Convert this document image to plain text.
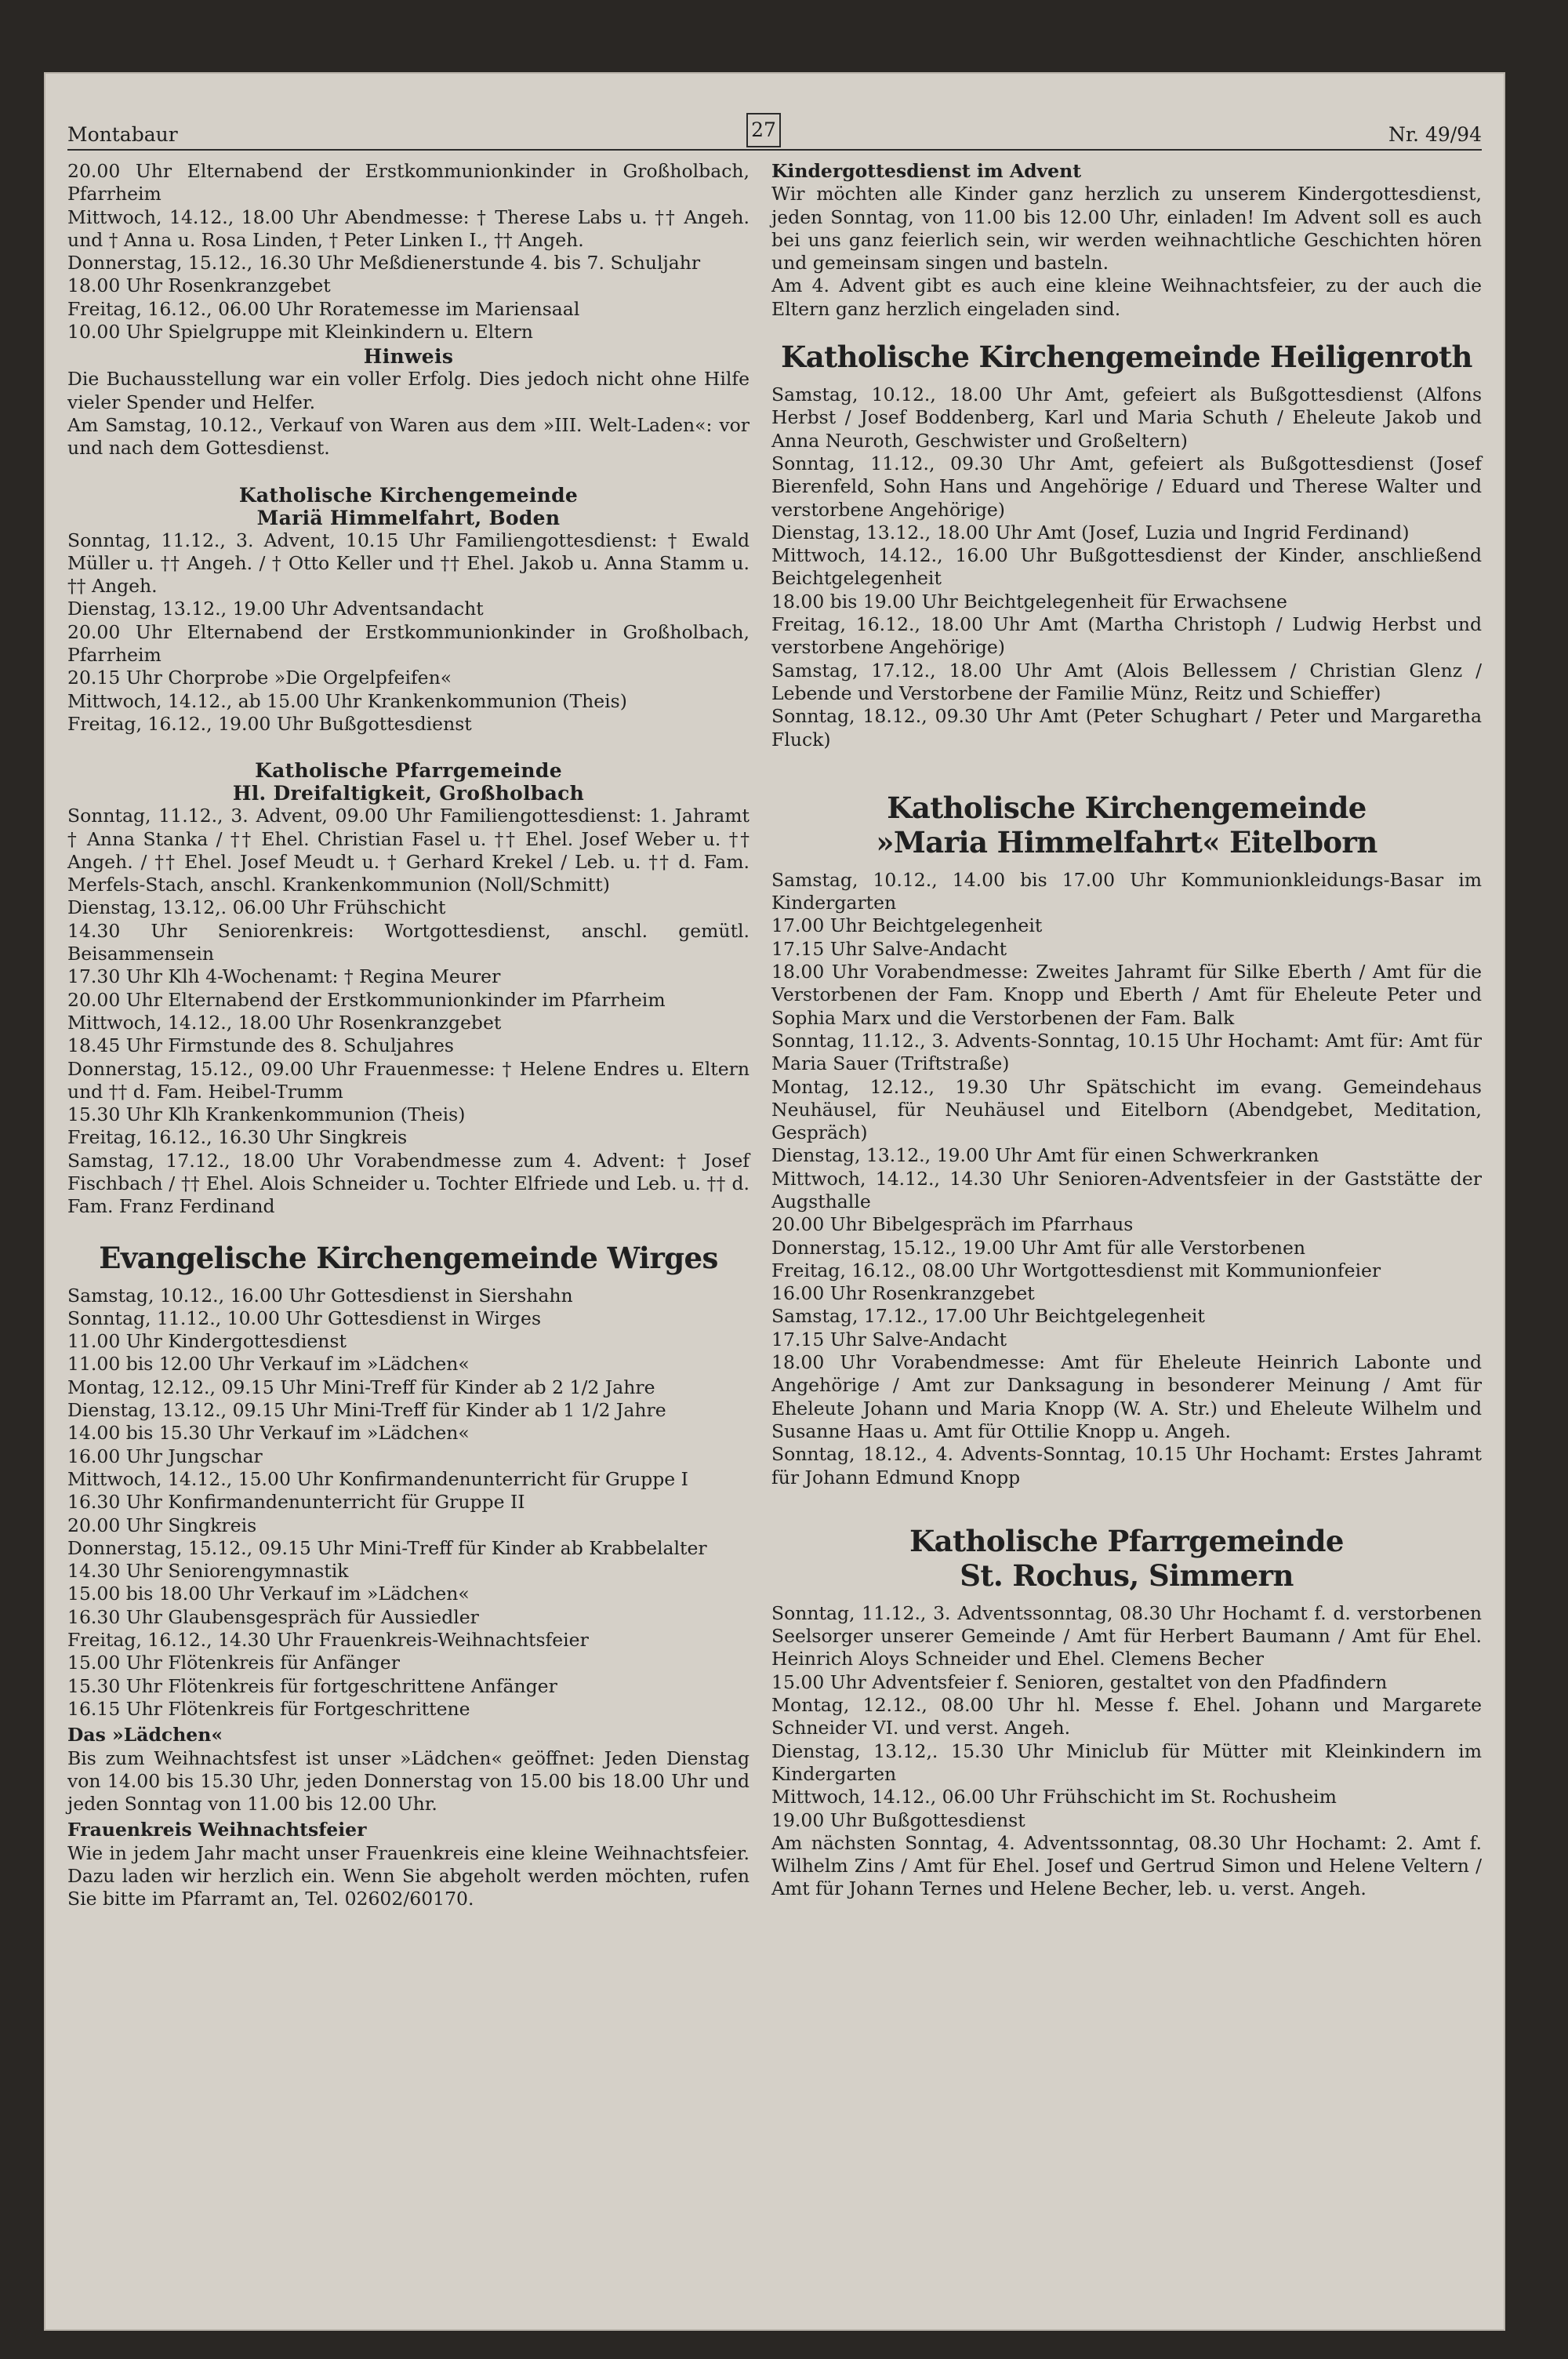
Montabaur	27	Nr. 49/94

20.00 Uhr Elternabend der Erstkommunionkinder in Großholbach, Pfarrheim

Mittwoch, 14.12., 18.00 Uhr Abendmesse: † Therese Labs u. †† Angeh. und † Anna u. Rosa Linden, † Peter Linken I., †† Angeh.

Donnerstag, 15.12., 16.30 Uhr Meßdienerstunde 4. bis 7. Schuljahr

18.00 Uhr Rosenkranzgebet

Freitag, 16.12., 06.00 Uhr Roratemesse im Mariensaal

10.00 Uhr Spielgruppe mit Kleinkindern u. Eltern

Hinweis

Die Buchausstellung war ein voller Erfolg. Dies jedoch nicht ohne Hilfe vieler Spender und Helfer.

Am Samstag, 10.12., Verkauf von Waren aus dem »III. Welt-Laden«: vor und nach dem Gottesdienst.

Katholische Kirchengemeinde
Mariä Himmelfahrt, Boden

Sonntag, 11.12., 3. Advent, 10.15 Uhr Familiengottesdienst: † Ewald Müller u. †† Angeh. / † Otto Keller und †† Ehel. Jakob u. Anna Stamm u. †† Angeh.

Dienstag, 13.12., 19.00 Uhr Adventsandacht

20.00 Uhr Elternabend der Erstkommunionkinder in Großholbach, Pfarrheim

20.15 Uhr Chorprobe »Die Orgelpfeifen«

Mittwoch, 14.12., ab 15.00 Uhr Krankenkommunion (Theis)

Freitag, 16.12., 19.00 Uhr Bußgottesdienst

Katholische Pfarrgemeinde
Hl. Dreifaltigkeit, Großholbach

Sonntag, 11.12., 3. Advent, 09.00 Uhr Familiengottesdienst: 1. Jahramt † Anna Stanka / †† Ehel. Christian Fasel u. †† Ehel. Josef Weber u. †† Angeh. / †† Ehel. Josef Meudt u. † Gerhard Krekel / Leb. u. †† d. Fam. Merfels-Stach, anschl. Krankenkommunion (Noll/Schmitt)

Dienstag, 13.12,. 06.00 Uhr Frühschicht

14.30 Uhr Seniorenkreis: Wortgottesdienst, anschl. gemütl. Beisammensein

17.30 Uhr Klh 4-Wochenamt: † Regina Meurer

20.00 Uhr Elternabend der Erstkommunionkinder im Pfarrheim

Mittwoch, 14.12., 18.00 Uhr Rosenkranzgebet

18.45 Uhr Firmstunde des 8. Schuljahres

Donnerstag, 15.12., 09.00 Uhr Frauenmesse: † Helene Endres u. Eltern und †† d. Fam. Heibel-Trumm

15.30 Uhr Klh Krankenkommunion (Theis)

Freitag, 16.12., 16.30 Uhr Singkreis

Samstag, 17.12., 18.00 Uhr Vorabendmesse zum 4. Advent: † Josef Fischbach / †† Ehel. Alois Schneider u. Tochter Elfriede und Leb. u. †† d. Fam. Franz Ferdinand

Evangelische Kirchengemeinde Wirges

Samstag, 10.12., 16.00 Uhr Gottesdienst in Siershahn

Sonntag, 11.12., 10.00 Uhr Gottesdienst in Wirges

11.00 Uhr Kindergottesdienst

11.00 bis 12.00 Uhr Verkauf im »Lädchen«

Montag, 12.12., 09.15 Uhr Mini-Treff für Kinder ab 2 1/2 Jahre

Dienstag, 13.12., 09.15 Uhr Mini-Treff für Kinder ab 1 1/2 Jahre

14.00 bis 15.30 Uhr Verkauf im »Lädchen«

16.00 Uhr Jungschar

Mittwoch, 14.12., 15.00 Uhr Konfirmandenunterricht für Gruppe I

16.30 Uhr Konfirmandenunterricht für Gruppe II

20.00 Uhr Singkreis

Donnerstag, 15.12., 09.15 Uhr Mini-Treff für Kinder ab Krabbelalter

14.30 Uhr Seniorengymnastik

15.00 bis 18.00 Uhr Verkauf im »Lädchen«

16.30 Uhr Glaubensgespräch für Aussiedler

Freitag, 16.12., 14.30 Uhr Frauenkreis-Weihnachtsfeier

15.00 Uhr Flötenkreis für Anfänger

15.30 Uhr Flötenkreis für fortgeschrittene Anfänger

16.15 Uhr Flötenkreis für Fortgeschrittene

Das »Lädchen«

Bis zum Weihnachtsfest ist unser »Lädchen« geöffnet: Jeden Dienstag von 14.00 bis 15.30 Uhr, jeden Donnerstag von 15.00 bis 18.00 Uhr und jeden Sonntag von 11.00 bis 12.00 Uhr.

Frauenkreis Weihnachtsfeier

Wie in jedem Jahr macht unser Frauenkreis eine kleine Weihnachtsfeier. Dazu laden wir herzlich ein. Wenn Sie abgeholt werden möchten, rufen Sie bitte im Pfarramt an, Tel. 02602/60170.

Kindergottesdienst im Advent

Wir möchten alle Kinder ganz herzlich zu unserem Kindergottesdienst, jeden Sonntag, von 11.00 bis 12.00 Uhr, einladen! Im Advent soll es auch bei uns ganz feierlich sein, wir werden weihnachtliche Geschichten hören und gemeinsam singen und basteln.

Am 4. Advent gibt es auch eine kleine Weihnachtsfeier, zu der auch die Eltern ganz herzlich eingeladen sind.

Katholische Kirchengemeinde Heiligenroth

Samstag, 10.12., 18.00 Uhr Amt, gefeiert als Bußgottesdienst (Alfons Herbst / Josef Boddenberg, Karl und Maria Schuth / Eheleute Jakob und Anna Neuroth, Geschwister und Großeltern)

Sonntag, 11.12., 09.30 Uhr Amt, gefeiert als Bußgottesdienst (Josef Bierenfeld, Sohn Hans und Angehörige / Eduard und Therese Walter und verstorbene Angehörige)

Dienstag, 13.12., 18.00 Uhr Amt (Josef, Luzia und Ingrid Ferdinand)

Mittwoch, 14.12., 16.00 Uhr Bußgottesdienst der Kinder, anschließend Beichtgelegenheit

18.00 bis 19.00 Uhr Beichtgelegenheit für Erwachsene

Freitag, 16.12., 18.00 Uhr Amt (Martha Christoph / Ludwig Herbst und verstorbene Angehörige)

Samstag, 17.12., 18.00 Uhr Amt (Alois Bellessem / Christian Glenz / Lebende und Verstorbene der Familie Münz, Reitz und Schieffer)

Sonntag, 18.12., 09.30 Uhr Amt (Peter Schughart / Peter und Margaretha Fluck)

Katholische Kirchengemeinde
»Maria Himmelfahrt« Eitelborn

Samstag, 10.12., 14.00 bis 17.00 Uhr Kommunionkleidungs-Basar im Kindergarten

17.00 Uhr Beichtgelegenheit

17.15 Uhr Salve-Andacht

18.00 Uhr Vorabendmesse: Zweites Jahramt für Silke Eberth / Amt für die Verstorbenen der Fam. Knopp und Eberth / Amt für Eheleute Peter und Sophia Marx und die Verstorbenen der Fam. Balk

Sonntag, 11.12., 3. Advents-Sonntag, 10.15 Uhr Hochamt: Amt für: Amt für Maria Sauer (Triftstraße)

Montag, 12.12., 19.30 Uhr Spätschicht im evang. Gemeindehaus Neuhäusel, für Neuhäusel und Eitelborn (Abendgebet, Meditation, Gespräch)

Dienstag, 13.12., 19.00 Uhr Amt für einen Schwerkranken

Mittwoch, 14.12., 14.30 Uhr Senioren-Adventsfeier in der Gaststätte der Augsthalle

20.00 Uhr Bibelgespräch im Pfarrhaus

Donnerstag, 15.12., 19.00 Uhr Amt für alle Verstorbenen

Freitag, 16.12., 08.00 Uhr Wortgottesdienst mit Kommunionfeier

16.00 Uhr Rosenkranzgebet

Samstag, 17.12., 17.00 Uhr Beichtgelegenheit

17.15 Uhr Salve-Andacht

18.00 Uhr Vorabendmesse: Amt für Eheleute Heinrich Labonte und Angehörige / Amt zur Danksagung in besonderer Meinung / Amt für Eheleute Johann und Maria Knopp (W. A. Str.) und Eheleute Wilhelm und Susanne Haas u. Amt für Ottilie Knopp u. Angeh.

Sonntag, 18.12., 4. Advents-Sonntag, 10.15 Uhr Hochamt: Erstes Jahramt für Johann Edmund Knopp

Katholische Pfarrgemeinde
St. Rochus, Simmern

Sonntag, 11.12., 3. Adventssonntag, 08.30 Uhr Hochamt f. d. verstorbenen Seelsorger unserer Gemeinde / Amt für Herbert Baumann / Amt für Ehel. Heinrich Aloys Schneider und Ehel. Clemens Becher

15.00 Uhr Adventsfeier f. Senioren, gestaltet von den Pfadfindern

Montag, 12.12., 08.00 Uhr hl. Messe f. Ehel. Johann und Margarete Schneider VI. und verst. Angeh.

Dienstag, 13.12,. 15.30 Uhr Miniclub für Mütter mit Kleinkindern im Kindergarten

Mittwoch, 14.12., 06.00 Uhr Frühschicht im St. Rochusheim

19.00 Uhr Bußgottesdienst

Am nächsten Sonntag, 4. Adventssonntag, 08.30 Uhr Hochamt: 2. Amt f. Wilhelm Zins / Amt für Ehel. Josef und Gertrud Simon und Helene Veltern / Amt für Johann Ternes und Helene Becher, leb. u. verst. Angeh.
